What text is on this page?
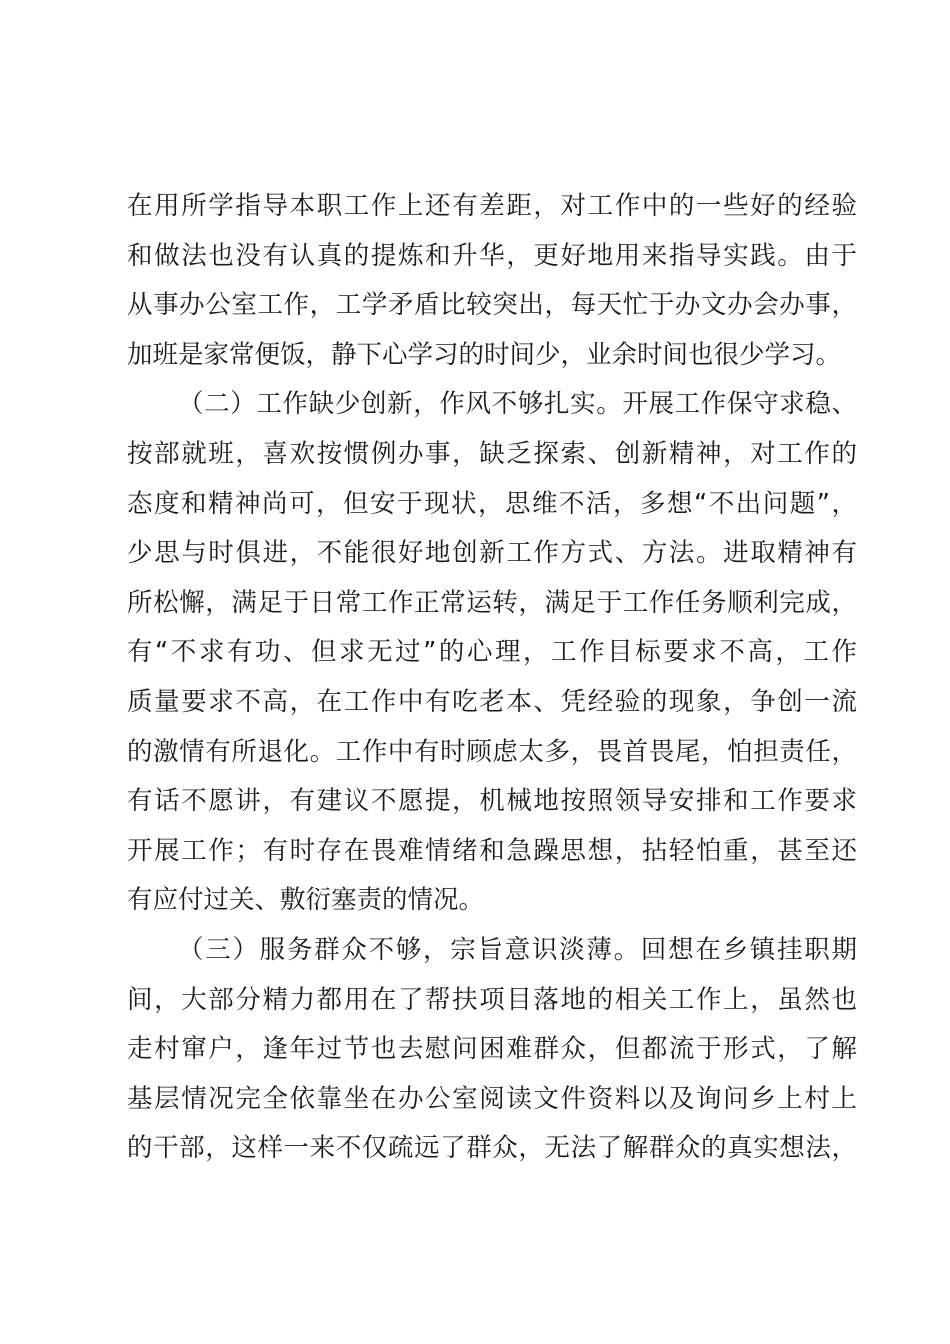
在用所学指导本职工作上还有差距，对工作中的一些好的经验
和做法也没有认真的提炼和升华，更好地用来指导实践。由于
从事办公室工作，工学矛盾比较突出，每天忙于办文办会办事，
加班是家常便饭，静下心学习的时间少，业余时间也很少学习。
（二）工作缺少创新，作风不够扎实。开展工作保守求稳、
按部就班，喜欢按惯例办事，缺乏探索、创新精神，对工作的
态度和精神尚可，但安于现状，思维不活，多想“不出问题”，
少思与时俱进，不能很好地创新工作方式、方法。进取精神有
所松懈，满足于日常工作正常运转，满足于工作任务顺利完成，
有“不求有功、但求无过”的心理，工作目标要求不高，工作
质量要求不高，在工作中有吃老本、凭经验的现象，争创一流
的激情有所退化。工作中有时顾虑太多，畏首畏尾，怕担责任，
有话不愿讲，有建议不愿提，机械地按照领导安排和工作要求
开展工作；有时存在畏难情绪和急躁思想，拈轻怕重，甚至还
有应付过关、敷衍塞责的情况。
（三）服务群众不够，宗旨意识淡薄。回想在乡镇挂职期
间，大部分精力都用在了帮扶项目落地的相关工作上，虽然也
走村窜户，逢年过节也去慰问困难群众，但都流于形式，了解
基层情况完全依靠坐在办公室阅读文件资料以及询问乡上村上
的干部，这样一来不仅疏远了群众，无法了解群众的真实想法，
